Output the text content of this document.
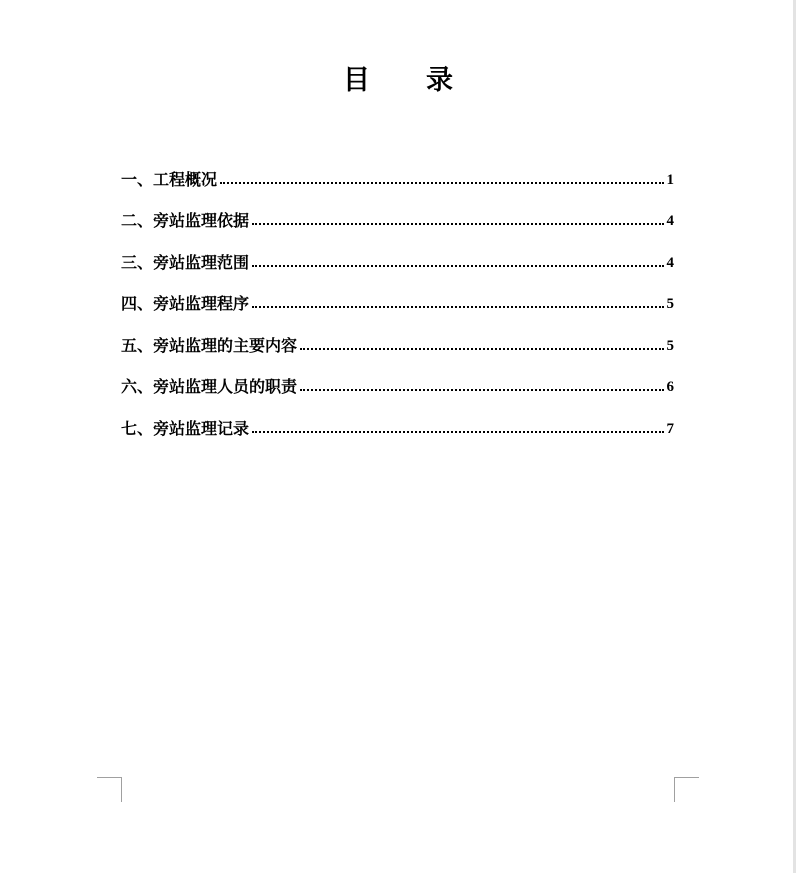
目 录
一、工程概况	1
二、旁站监理依据	4
三、旁站监理范围	4
四、旁站监理程序	5
五、旁站监理的主要内容	5
六、旁站监理人员的职责	6
七、旁站监理记录	7
